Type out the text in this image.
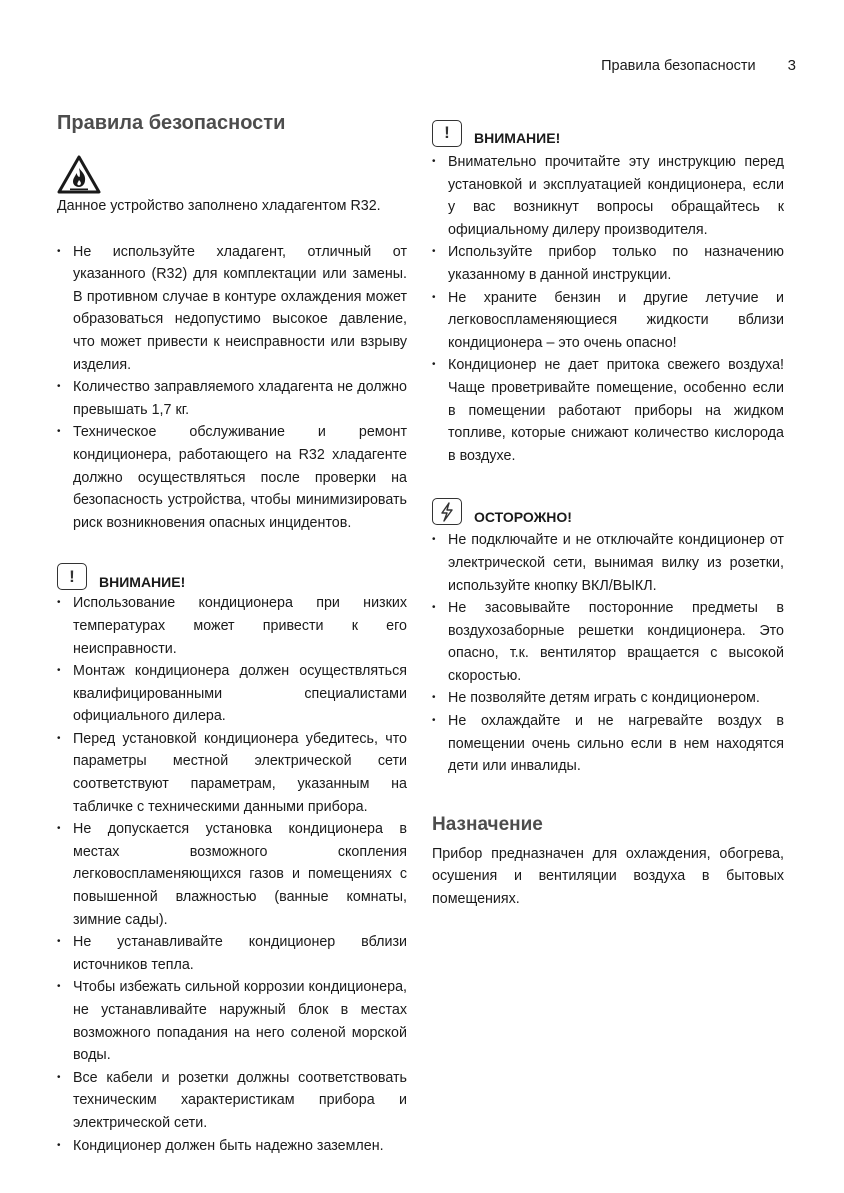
Правила безопасности 3
Правила безопасности

Данное устройство заполнено хладагентом R32.

• Не используйте хладагент, отличный от указанного (R32) для комплектации или замены. В противном случае в контуре охлаждения может образоваться недопустимо высокое давление, что может привести к неисправности или взрыву изделия.
• Количество заправляемого хладагента не должно превышать 1,7 кг.
• Техническое обслуживание и ремонт кондиционера, работающего на R32 хладагенте должно осуществляться после проверки на безопасность устройства, чтобы минимизировать риск возникновения опасных инцидентов.
!	ВНИМАНИЕ!
• Использование кондиционера при низких температурах может привести к его неисправности.
• Монтаж кондиционера должен осуществляться квалифицированными специалистами официального дилера.
• Перед установкой кондиционера убедитесь, что параметры местной электрической сети соответствуют параметрам, указанным на табличке с техническими данными прибора.
• Не допускается установка кондиционера в местах возможного скопления легковоспламеняющихся газов и помещениях с повышенной влажностью (ванные комнаты, зимние сады).
• Не устанавливайте кондиционер вблизи источников тепла.
• Чтобы избежать сильной коррозии кондиционера, не устанавливайте наружный блок в местах возможного попадания на него соленой морской воды.
• Все кабели и розетки должны соответствовать техническим характеристикам прибора и электрической сети.
• Кондиционер должен быть надежно заземлен.
!	ВНИМАНИЕ!
• Внимательно прочитайте эту инструкцию перед установкой и эксплуатацией кондиционера, если у вас возникнут вопросы обращайтесь к официальному дилеру производителя.
• Используйте прибор только по назначению указанному в данной инструкции.
• Не храните бензин и другие летучие и легковоспламеняющиеся жидкости вблизи кондиционера – это очень опасно!
• Кондиционер не дает притока свежего воздуха! Чаще проветривайте помещение, особенно если в помещении работают приборы на жидком топливе, которые снижают количество кислорода в воздухе.
ОСТОРОЖНО!
• Не подключайте и не отключайте кондиционер от электрической сети, вынимая вилку из розетки, используйте кнопку ВКЛ/ВЫКЛ.
• Не засовывайте посторонние предметы в воздухозаборные решетки кондиционера. Это опасно, т.к. вентилятор вращается с высокой скоростью.
• Не позволяйте детям играть с кондиционером.
• Не охлаждайте и не нагревайте воздух в помещении очень сильно если в нем находятся дети или инвалиды.
Назначение

Прибор предназначен для охлаждения, обогрева, осушения и вентиляции воздуха в бытовых помещениях.
